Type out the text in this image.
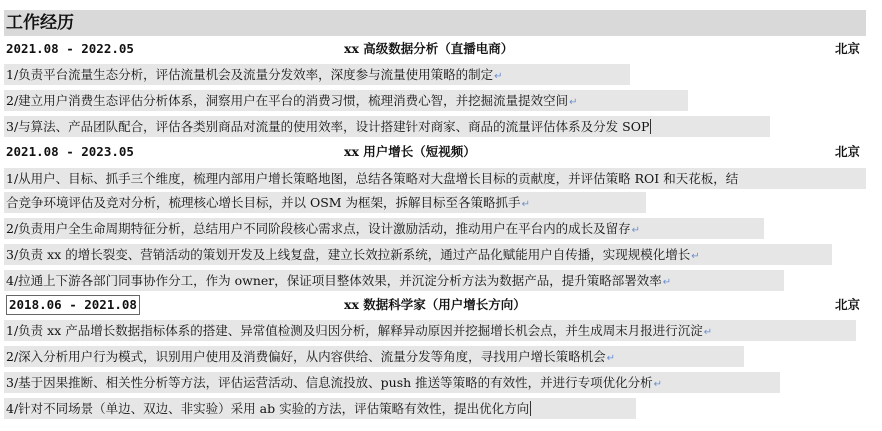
工作经历
2021.08 - 2022.05	xx 高级数据分析（直播电商）	北京
1/负责平台流量生态分析，评估流量机会及流量分发效率，深度参与流量使用策略的制定↵
2/建立用户消费生态评估分析体系，洞察用户在平台的消费习惯，梳理消费心智，并挖掘流量提效空间↵
3/与算法、产品团队配合，评估各类别商品对流量的使用效率，设计搭建针对商家、商品的流量评估体系及分发 SOP
2021.08 - 2023.05	xx 用户增长（短视频）	北京
1/从用户、目标、抓手三个维度，梳理内部用户增长策略地图，总结各策略对大盘增长目标的贡献度，并评估策略 ROI 和天花板，结
合竞争环境评估及竞对分析，梳理核心增长目标，并以 OSM 为框架，拆解目标至各策略抓手↵
2/负责用户全生命周期特征分析，总结用户不同阶段核心需求点，设计激励活动，推动用户在平台内的成长及留存↵
3/负责 xx 的增长裂变、营销活动的策划开发及上线复盘，建立长效拉新系统，通过产品化赋能用户自传播，实现规模化增长↵
4/拉通上下游各部门同事协作分工，作为 owner，保证项目整体效果，并沉淀分析方法为数据产品，提升策略部署效率↵
2018.06 - 2021.08	xx 数据科学家（用户增长方向）	北京
1/负责 xx 产品增长数据指标体系的搭建、异常值检测及归因分析，解释异动原因并挖掘增长机会点，并生成周末月报进行沉淀↵
2/深入分析用户行为模式，识别用户使用及消费偏好，从内容供给、流量分发等角度，寻找用户增长策略机会↵
3/基于因果推断、相关性分析等方法，评估运营活动、信息流投放、push 推送等策略的有效性，并进行专项优化分析↵
4/针对不同场景（单边、双边、非实验）采用 ab 实验的方法，评估策略有效性，提出优化方向
